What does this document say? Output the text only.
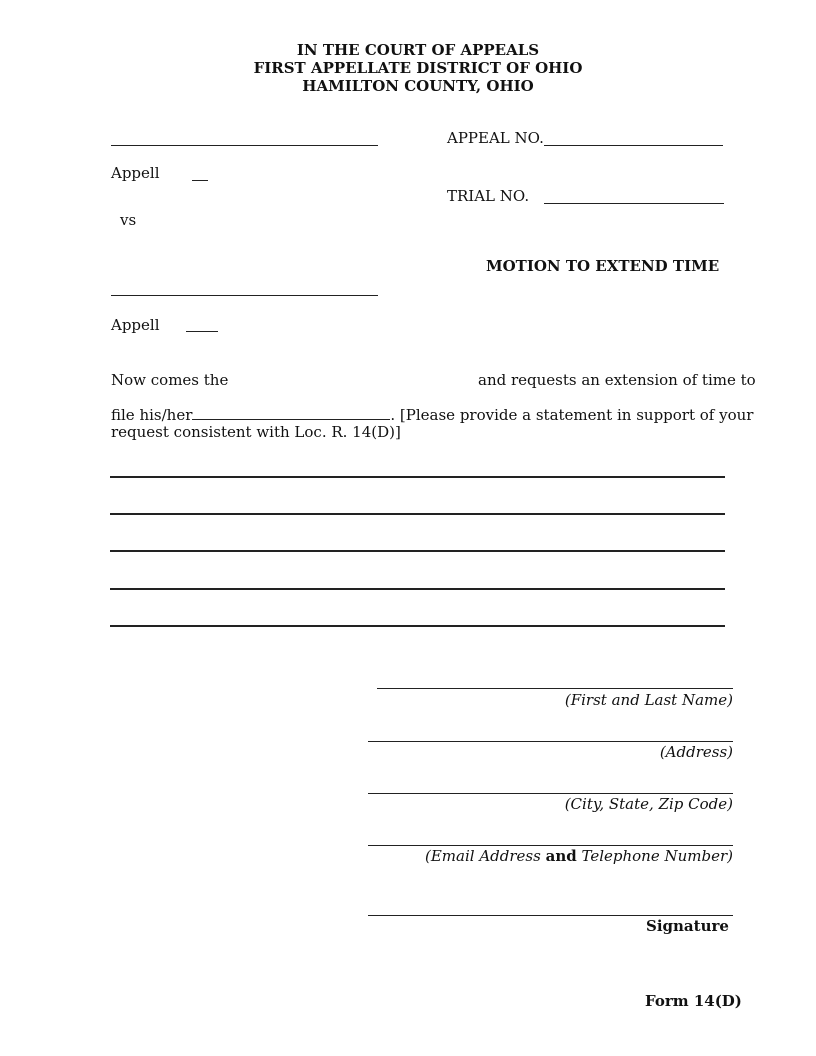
IN THE COURT OF APPEALS
FIRST APPELLATE DISTRICT OF OHIO
HAMILTON COUNTY, OHIO
Appell
vs
Appell
APPEAL NO.
TRIAL NO.
MOTION TO EXTEND TIME
Now comes the	and requests an extension of time to
file his/her	. [Please provide a statement in support of your
request consistent with Loc. R. 14(D)]
(First and Last Name)
(Address)
(City, State, Zip Code)
(Email Address and Telephone Number)
Signature
Form 14(D)
